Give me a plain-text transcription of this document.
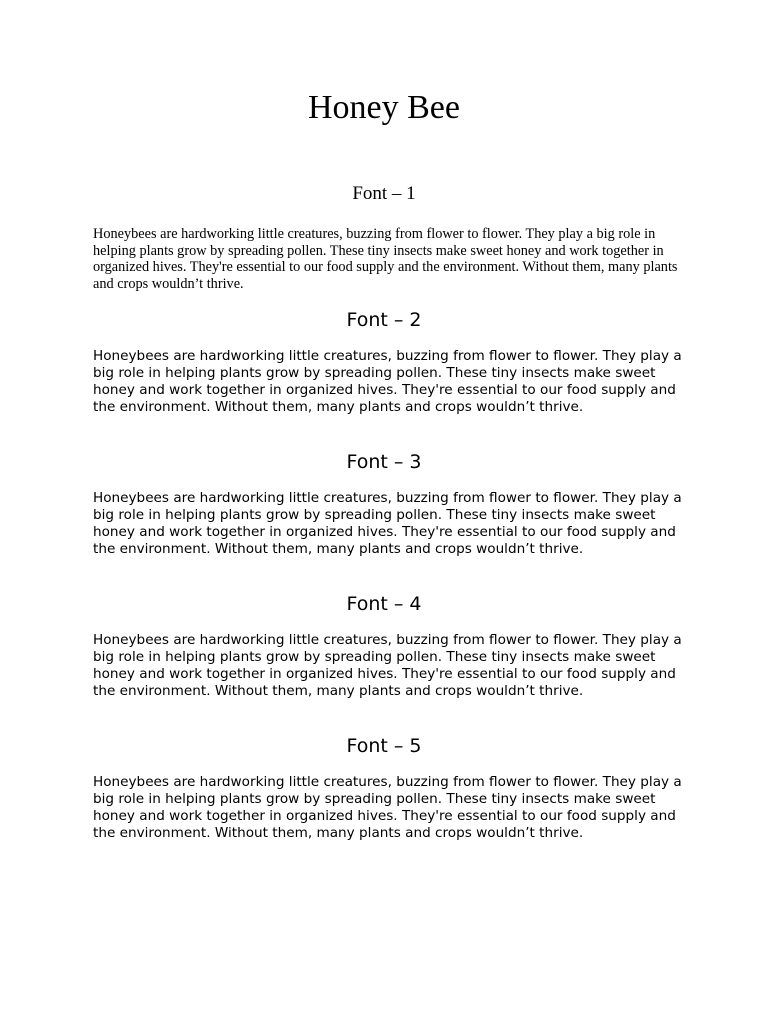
Honey Bee
Font – 1

Honeybees are hardworking little creatures, buzzing from flower to flower. They play a big role in helping plants grow by spreading pollen. These tiny insects make sweet honey and work together in organized hives. They're essential to our food supply and the environment. Without them, many plants and crops wouldn’t thrive.

Font – 2

Honeybees are hardworking little creatures, buzzing from flower to flower. They play a big role in helping plants grow by spreading pollen. These tiny insects make sweet honey and work together in organized hives. They're essential to our food supply and the environment. Without them, many plants and crops wouldn’t thrive.

Font – 3

Honeybees are hardworking little creatures, buzzing from flower to flower. They play a big role in helping plants grow by spreading pollen. These tiny insects make sweet honey and work together in organized hives. They're essential to our food supply and the environment. Without them, many plants and crops wouldn’t thrive.

Font – 4

Honeybees are hardworking little creatures, buzzing from flower to flower. They play a big role in helping plants grow by spreading pollen. These tiny insects make sweet honey and work together in organized hives. They're essential to our food supply and the environment. Without them, many plants and crops wouldn’t thrive.

Font – 5

Honeybees are hardworking little creatures, buzzing from flower to flower. They play a big role in helping plants grow by spreading pollen. These tiny insects make sweet honey and work together in organized hives. They're essential to our food supply and the environment. Without them, many plants and crops wouldn’t thrive.
